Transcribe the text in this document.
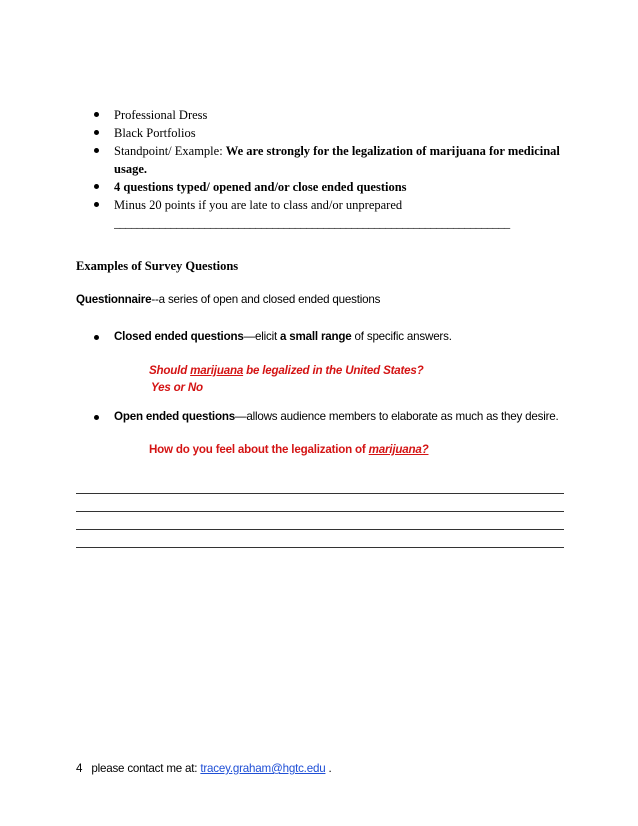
Professional Dress
Black Portfolios
Standpoint/ Example: We are strongly for the legalization of marijuana for medicinal
usage.
4 questions typed/ opened and/or close ended questions
Minus 20 points if you are late to class and/or unprepared
______________________________________________________________________
Examples of Survey Questions
Questionnaire--a series of open and closed ended questions
Closed ended questions—elicit a small range of specific answers.
Should marijuana be legalized in the United States?
Yes or No
Open ended questions—allows audience members to elaborate as much as they desire.
How do you feel about the legalization of marijuana?
4 please contact me at: tracey.graham@hgtc.edu .
